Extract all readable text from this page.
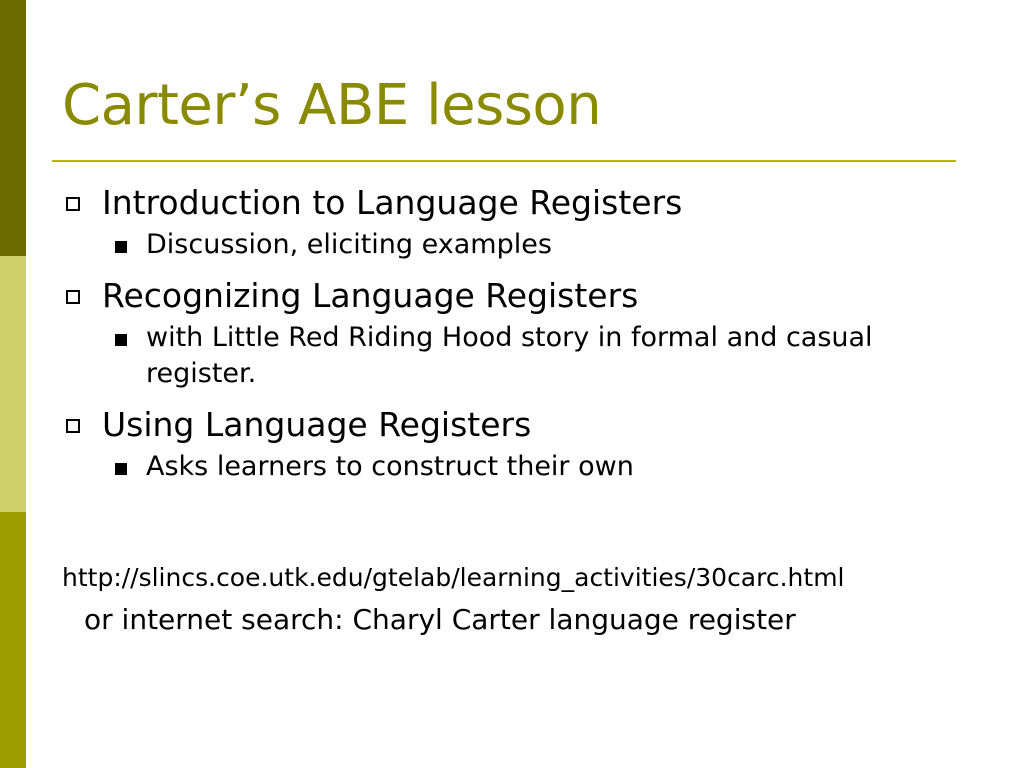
Carter’s ABE lesson
Introduction to Language Registers
Discussion, eliciting examples
Recognizing Language Registers
with Little Red Riding Hood story in formal and casual register.
Using Language Registers
Asks learners to construct their own
http://slincs.coe.utk.edu/gtelab/learning_activities/30carc.html
or internet search: Charyl Carter language register
